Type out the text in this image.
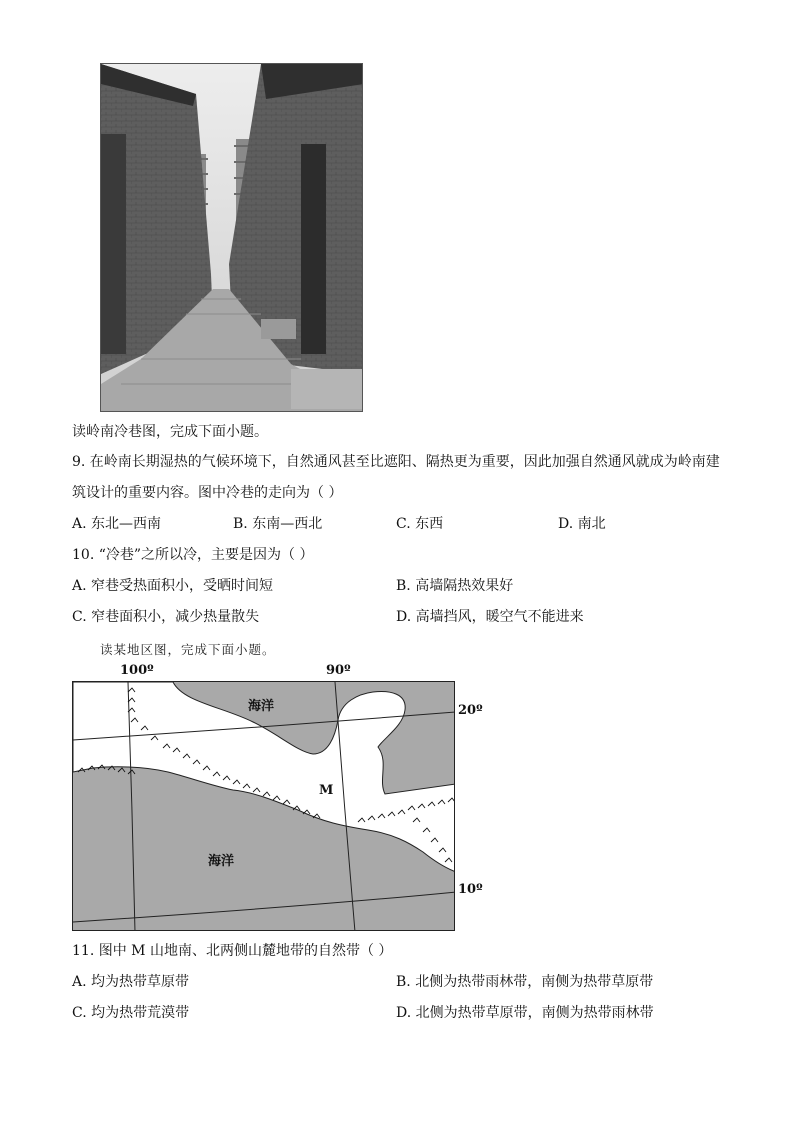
读岭南冷巷图，完成下面小题。
9. 在岭南长期湿热的气候环境下，自然通风甚至比遮阳、隔热更为重要，因此加强自然通风就成为岭南建
筑设计的重要内容。图中冷巷的走向为（ ）
A. 东北—西南	B. 东南—西北	C. 东西	D. 南北
10. “冷巷”之所以冷，主要是因为（ ）
A. 窄巷受热面积小，受晒时间短	B. 高墙隔热效果好
C. 窄巷面积小，减少热量散失	D. 高墙挡风，暖空气不能进来
读某地区图，完成下面小题。
100º	90º
20º
10º
海洋
海洋
M
11. 图中 M 山地南、北两侧山麓地带的自然带（ ）
A. 均为热带草原带	B. 北侧为热带雨林带，南侧为热带草原带
C. 均为热带荒漠带	D. 北侧为热带草原带，南侧为热带雨林带
